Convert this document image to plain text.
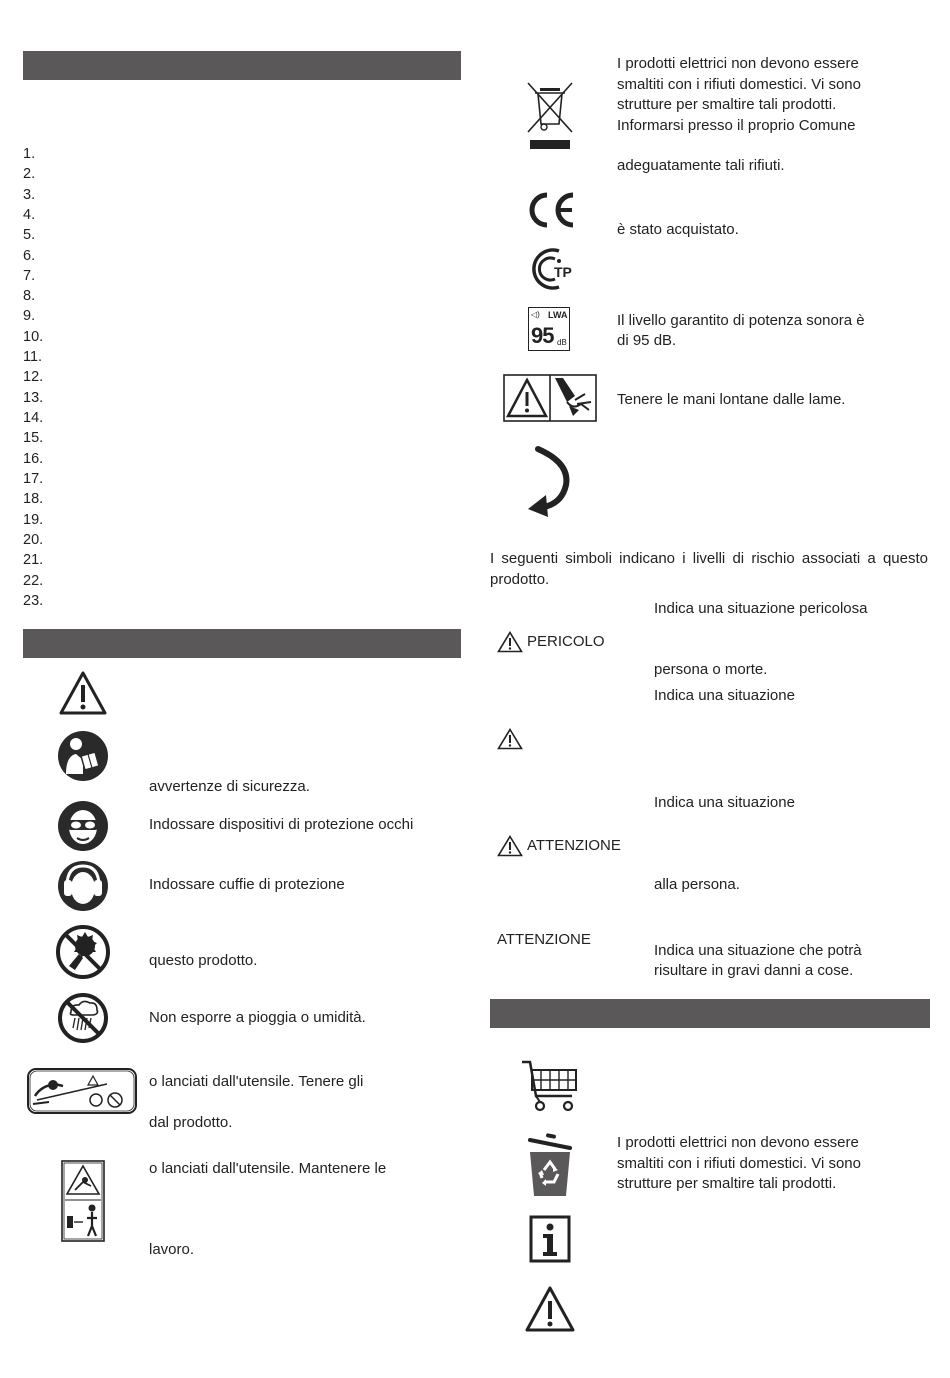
1.
2.
3.
4.
5.
6.
7.
8.
9.
10.
11.
12.
13.
14.
15.
16.
17.
18.
19.
20.
21.
22.
23.
avvertenze di sicurezza.
Indossare dispositivi di protezione occhi
Indossare cuffie di protezione
questo prodotto.
Non esporre a pioggia o umidità.
o lanciati dall'utensile. Tenere gli
dal prodotto.
o lanciati dall'utensile. Mantenere le
lavoro.
I prodotti elettrici non devono essere
smaltiti con i rifiuti domestici. Vi sono
strutture per smaltire tali prodotti.
Informarsi presso il proprio Comune
adeguatamente tali rifiuti.
è stato acquistato.
TP
◁) LWA
95 dB
Il livello garantito di potenza sonora è
di 95 dB.
Tenere le mani lontane dalle lame.
I seguenti simboli indicano i livelli di rischio associati a questo prodotto.
Indica una situazione pericolosa
PERICOLO
persona o morte.
Indica una situazione
Indica una situazione
ATTENZIONE
alla persona.
ATTENZIONE
Indica una situazione che potrà
risultare in gravi danni a cose.
I prodotti elettrici non devono essere
smaltiti con i rifiuti domestici. Vi sono
strutture per smaltire tali prodotti.
